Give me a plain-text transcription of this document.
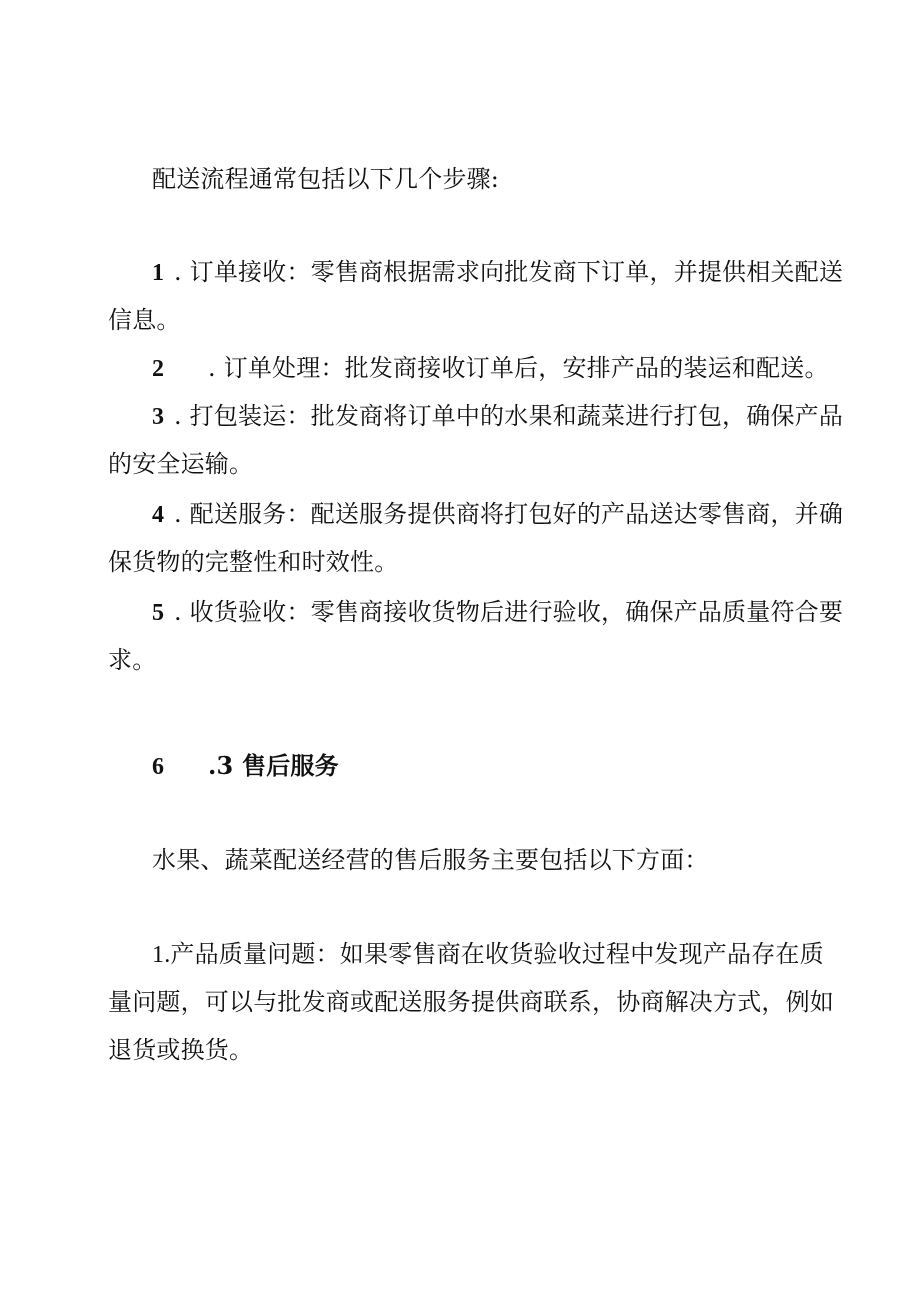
配送流程通常包括以下几个步骤:
1 . 订单接收：零售商根据需求向批发商下订单，并提供相关配送
信息。
2 . 订单处理：批发商接收订单后，安排产品的装运和配送。
3 . 打包装运：批发商将订单中的水果和蔬菜进行打包，确保产品
的安全运输。
4 . 配送服务：配送服务提供商将打包好的产品送达零售商，并确
保货物的完整性和时效性。
5 . 收货验收：零售商接收货物后进行验收，确保产品质量符合要
求。
6 .3 售后服务
水果、蔬菜配送经营的售后服务主要包括以下方面：
1.产品质量问题：如果零售商在收货验收过程中发现产品存在质
量问题，可以与批发商或配送服务提供商联系，协商解决方式，例如
退货或换货。
